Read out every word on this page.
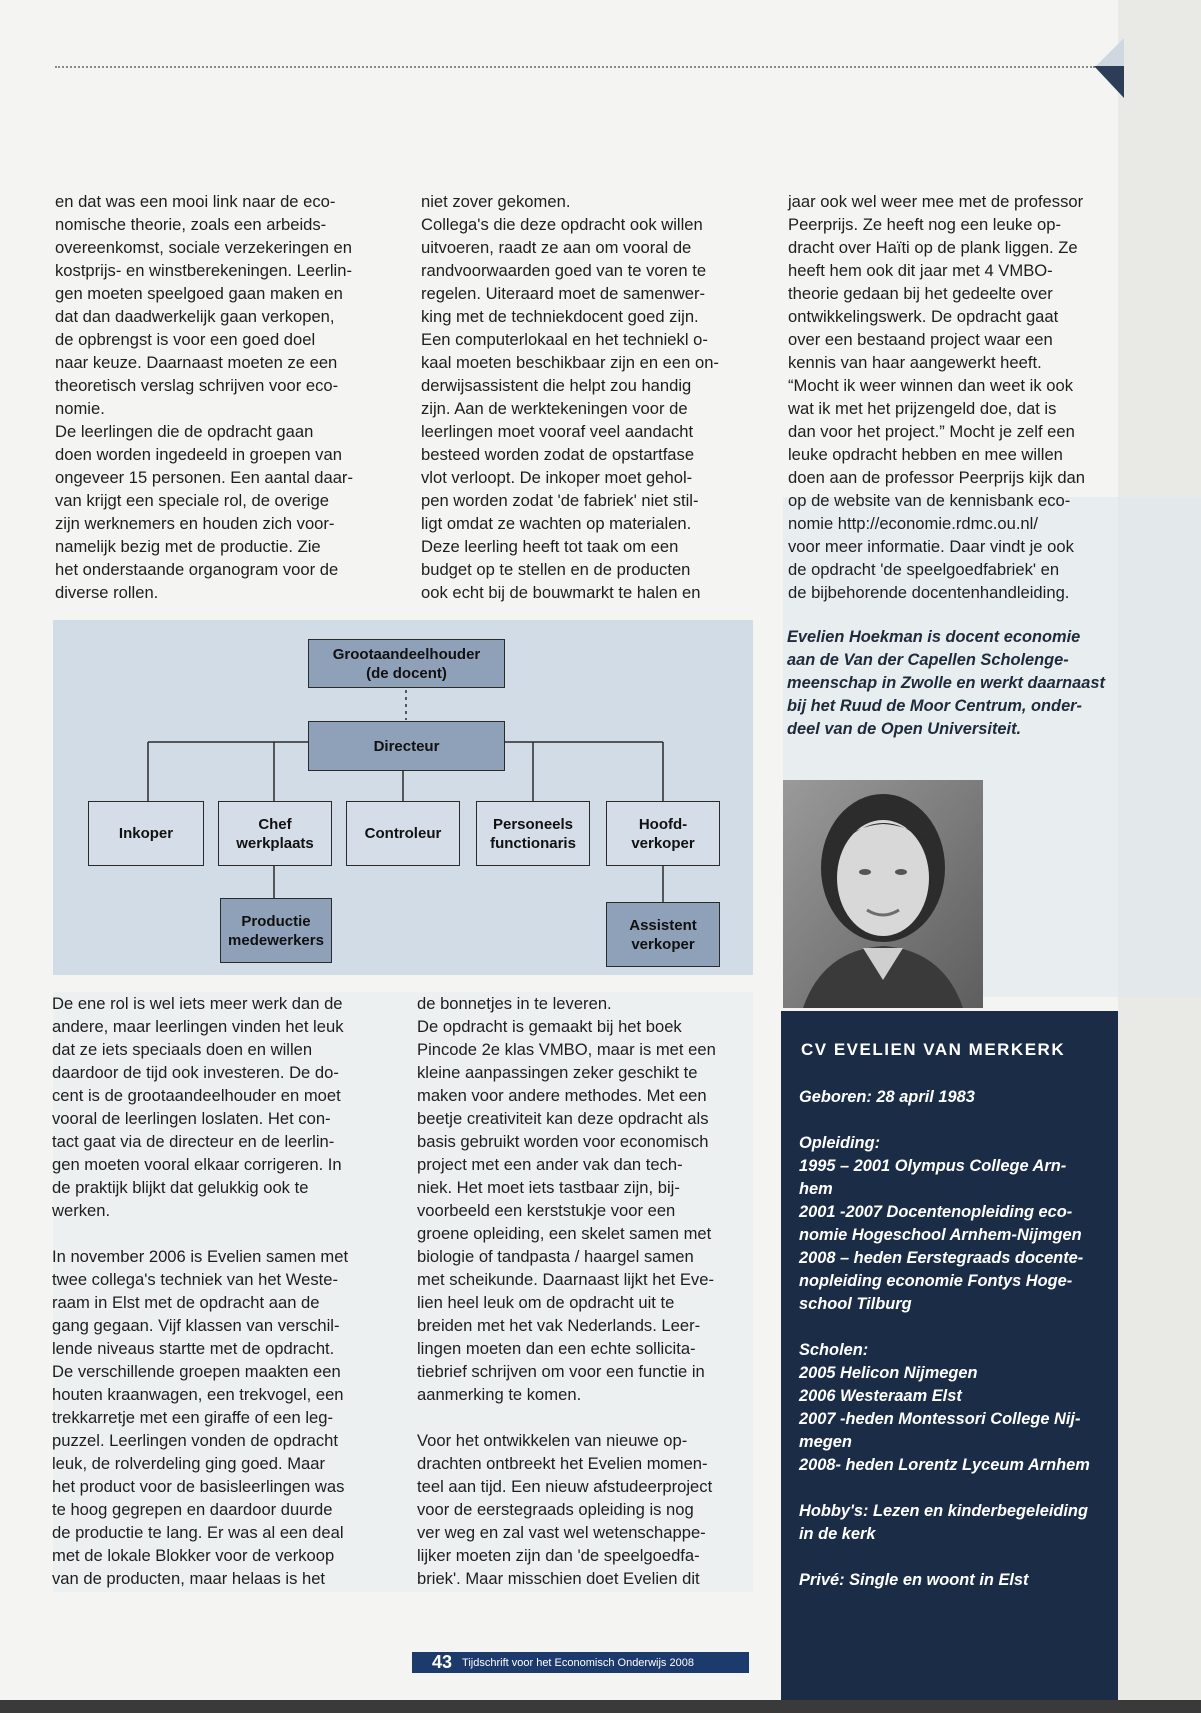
en dat was een mooi link naar de eco-

nomische theorie, zoals een arbeids-

overeenkomst, sociale verzekeringen en

kostprijs- en winstberekeningen. Leerlin-

gen moeten speelgoed gaan maken en

dat dan daadwerkelijk gaan verkopen,

de opbrengst is voor een goed doel

naar keuze. Daarnaast moeten ze een

theoretisch verslag schrijven voor eco-

nomie.

De leerlingen die de opdracht gaan

doen worden ingedeeld in groepen van

ongeveer 15 personen. Een aantal daar-

van krijgt een speciale rol, de overige

zijn werknemers en houden zich voor-

namelijk bezig met de productie. Zie

het onderstaande organogram voor de

diverse rollen.

niet zover gekomen.

Collega's die deze opdracht ook willen

uitvoeren, raadt ze aan om vooral de

randvoorwaarden goed van te voren te

regelen. Uiteraard moet de samenwer-

king met de techniekdocent goed zijn.

Een computerlokaal en het techniekl o-

kaal moeten beschikbaar zijn en een on-

derwijsassistent die helpt zou handig

zijn. Aan de werktekeningen voor de

leerlingen moet vooraf veel aandacht

besteed worden zodat de opstartfase

vlot verloopt. De inkoper moet gehol-

pen worden zodat 'de fabriek' niet stil-

ligt omdat ze wachten op materialen.

Deze leerling heeft tot taak om een

budget op te stellen en de producten

ook echt bij de bouwmarkt te halen en

jaar ook wel weer mee met de professor

Peerprijs. Ze heeft nog een leuke op-

dracht over Haïti op de plank liggen. Ze

heeft hem ook dit jaar met 4 VMBO-

theorie gedaan bij het gedeelte over

ontwikkelingswerk. De opdracht gaat

over een bestaand project waar een

kennis van haar aangewerkt heeft.

“Mocht ik weer winnen dan weet ik ook

wat ik met het prijzengeld doe, dat is

dan voor het project.” Mocht je zelf een

leuke opdracht hebben en mee willen

doen aan de professor Peerprijs kijk dan

op de website van de kennisbank eco-

nomie http://economie.rdmc.ou.nl/

voor meer informatie. Daar vindt je ook

de opdracht 'de speelgoedfabriek' en

de bijbehorende docentenhandleiding.

Evelien Hoekman is docent economie
aan de Van der Capellen Scholenge-
meenschap in Zwolle en werkt daarnaast
bij het Ruud de Moor Centrum, onder-
deel van de Open Universiteit.
Grootaandeelhouder
(de docent)
Directeur
Inkoper
Chef
werkplaats
Controleur
Personeels
functionaris
Hoofd-
verkoper
Productie
medewerkers
Assistent
verkoper
CV EVELIEN VAN MERKERK

Geboren: 28 april 1983

Opleiding:

1995 – 2001 Olympus College Arn-

hem

2001 -2007 Docentenopleiding eco-

nomie Hogeschool Arnhem-Nijmgen

2008 – heden Eerstegraads docente-

nopleiding economie Fontys Hoge-

school Tilburg

Scholen:

2005 Helicon Nijmegen

2006 Westeraam Elst

2007 -heden Montessori College Nij-

megen

2008- heden Lorentz Lyceum Arnhem

Hobby's: Lezen en kinderbegeleiding

in de kerk

Privé: Single en woont in Elst

De ene rol is wel iets meer werk dan de

andere, maar leerlingen vinden het leuk

dat ze iets speciaals doen en willen

daardoor de tijd ook investeren. De do-

cent is de grootaandeelhouder en moet

vooral de leerlingen loslaten. Het con-

tact gaat via de directeur en de leerlin-

gen moeten vooral elkaar corrigeren. In

de praktijk blijkt dat gelukkig ook te

werken.

In november 2006 is Evelien samen met

twee collega's techniek van het Weste-

raam in Elst met de opdracht aan de

gang gegaan. Vijf klassen van verschil-

lende niveaus startte met de opdracht.

De verschillende groepen maakten een

houten kraanwagen, een trekvogel, een

trekkarretje met een giraffe of een leg-

puzzel. Leerlingen vonden de opdracht

leuk, de rolverdeling ging goed. Maar

het product voor de basisleerlingen was

te hoog gegrepen en daardoor duurde

de productie te lang. Er was al een deal

met de lokale Blokker voor de verkoop

van de producten, maar helaas is het

de bonnetjes in te leveren.

De opdracht is gemaakt bij het boek

Pincode 2e klas VMBO, maar is met een

kleine aanpassingen zeker geschikt te

maken voor andere methodes. Met een

beetje creativiteit kan deze opdracht als

basis gebruikt worden voor economisch

project met een ander vak dan tech-

niek. Het moet iets tastbaar zijn, bij-

voorbeeld een kerststukje voor een

groene opleiding, een skelet samen met

biologie of tandpasta / haargel samen

met scheikunde. Daarnaast lijkt het Eve-

lien heel leuk om de opdracht uit te

breiden met het vak Nederlands. Leer-

lingen moeten dan een echte sollicita-

tiebrief schrijven om voor een functie in

aanmerking te komen.

Voor het ontwikkelen van nieuwe op-

drachten ontbreekt het Evelien momen-

teel aan tijd. Een nieuw afstudeerproject

voor de eerstegraads opleiding is nog

ver weg en zal vast wel wetenschappe-

lijker moeten zijn dan 'de speelgoedfa-

briek'. Maar misschien doet Evelien dit

43 Tijdschrift voor het Economisch Onderwijs 2008
